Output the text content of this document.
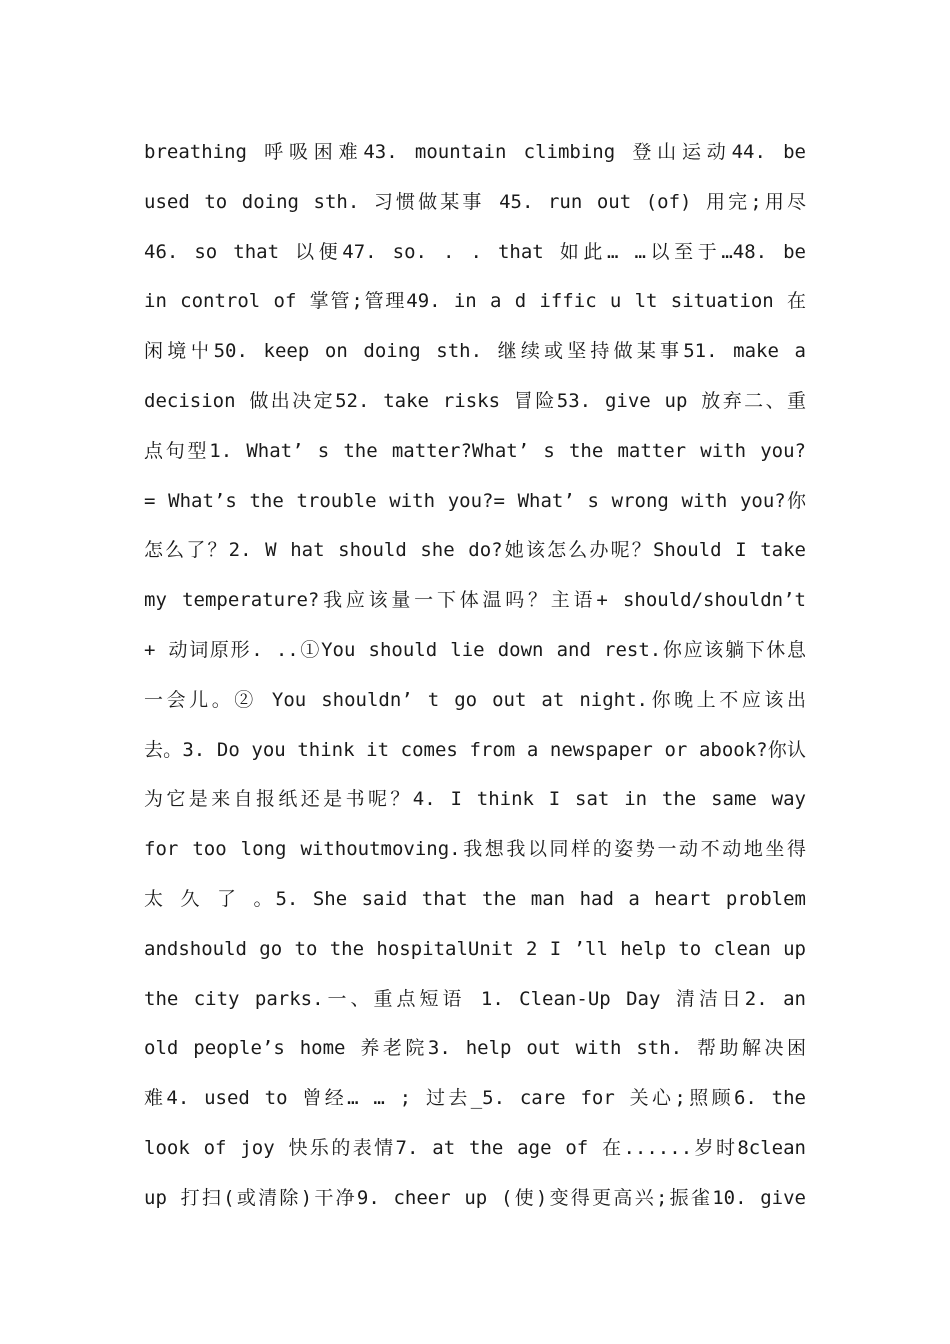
breathing 呼吸困难43. mountain climbing 登山运动44. be
used to doing sth. 习惯做某事 45. run out (of) 用完;用尽
46. so that 以便47. so. . . that 如此… …以至于…48. be
in control of 掌管;管理49. in a d iffic u lt situation 在
闲境屮50. keep on doing sth. 继续或坚持做某事51. make a
decision 做出决定52. take risks 冒险53. give up 放弃二、重
点句型1. What’ s the matter?What’ s the matter with you?
= What’s the trouble with you?= What’ s wrong with you?你
怎么了？2. W hat should she do?她该怎么办呢？Should I take
my temperature?我应该量一下体温吗？主语+ should/shouldn’t
+ 动词原形. ..①You should lie down and rest.你应该躺下休息
一会儿。② You shouldn’ t go out at night.你晚上不应该出
去。3. Do you think it comes from a newspaper or abook?你认
为它是来自报纸还是书呢？4. I think I sat in the same way
for too long withoutmoving.我想我以同样的姿势一动不动地坐得
太 久 了 。5. She said that the man had a heart problem
andshould go to the hospitalUnit 2 I ’ll help to clean up
the city parks.一、重点短语 1. Clean-Up Day 清洁日2. an
old people’s home 养老院3. help out with sth. 帮助解决困
难4. used to 曾经… … ; 过去_5. care for 关心;照顾6. the
look of joy 快乐的表情7. at the age of 在......岁时8clean
up 打扫(或清除)干净9. cheer up (使)变得更高兴;振雀10. give
